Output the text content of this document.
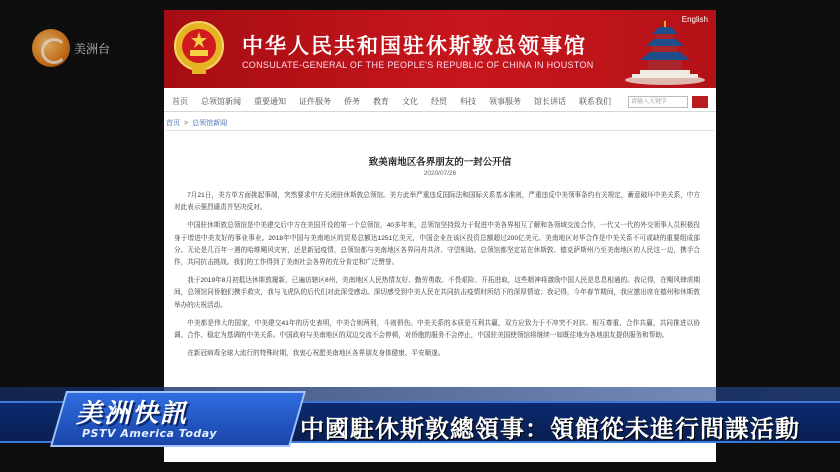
美洲台	中华人民共和国驻休斯敦总领事馆
CONSULATE-GENERAL OF THE PEOPLE'S REPUBLIC OF CHINA IN HOUSTON
English
首页 总领馆新闻 重要通知 证件服务 侨务 教育 文化 经贸 科技 领事服务 馆长讲话 联系我们	请输入关键字
首页 > 总领馆新闻
致美南地区各界朋友的一封公开信
2020/07/26

7月21日，美方单方面挑起事端，突然要求中方关闭驻休斯敦总领馆。美方此举严重违反国际法和国际关系基本准则，严重违反中美领事条约有关规定，蓄意破坏中美关系，中方对此表示强烈谴责并坚决反对。

中国驻休斯敦总领馆是中美建交后中方在美国开设的第一个总领馆，40多年来，总领馆坚持致力于促进中美各界相互了解和各领域交流合作，一代又一代的外交领事人员积极投身于增进中美友好的事业事业。2018年中国与美南地区的贸易总额达1251亿美元，中国企业在该区投资总额超过200亿美元。美南地区对华合作是中美关系不可或缺的重要组成部分。无论是几百年一遇的哈维飓风灾害，还是新冠疫情，总领馆都与美南地区各界同舟共济、守望相助。总领馆都坚定站在休斯敦、德克萨斯州乃至美南地区的人民这一边，携手合作，共同抗击挑战。我们的工作得到了美南社会各界的充分肯定和广泛赞誉。

我于2019年8月初抵达休斯敦履新，已遍访辖区8州，美南地区人民热情友好、勤劳勇敢、不畏艰险、开拓进取，这些精神将激励中国人民是息息相通的。我记得，在飓风肆虐期间，总领馆同侨胞们携手救灾，我与飞虎队的后代们对此深受感动。深切感受到中美人民在共同抗击疫情时所结下的深厚情谊；我记得，今年春节期间，我应邀出席在德州和休斯敦举办的庆祝活动。

中美都是伟大的国家，中美建交41年的历史表明，中美合则两利，斗则俱伤。中美关系的本质是互利共赢，双方应致力于不冲突不对抗、相互尊重、合作共赢，共同推进以协调、合作、稳定为基调的中美关系。中国政府与美南地区的双边交流不会停顿，对侨胞的服务不会停止，中国驻美国使领馆将继续一如既往地为各地朋友提供服务和帮助。

在新冠病毒全球大流行的特殊时期，我衷心祝愿美南地区各界朋友身体健康、平安顺遂。

美洲快訊
PSTV America Today	中國駐休斯敦總領事：領館從未進行間諜活動
